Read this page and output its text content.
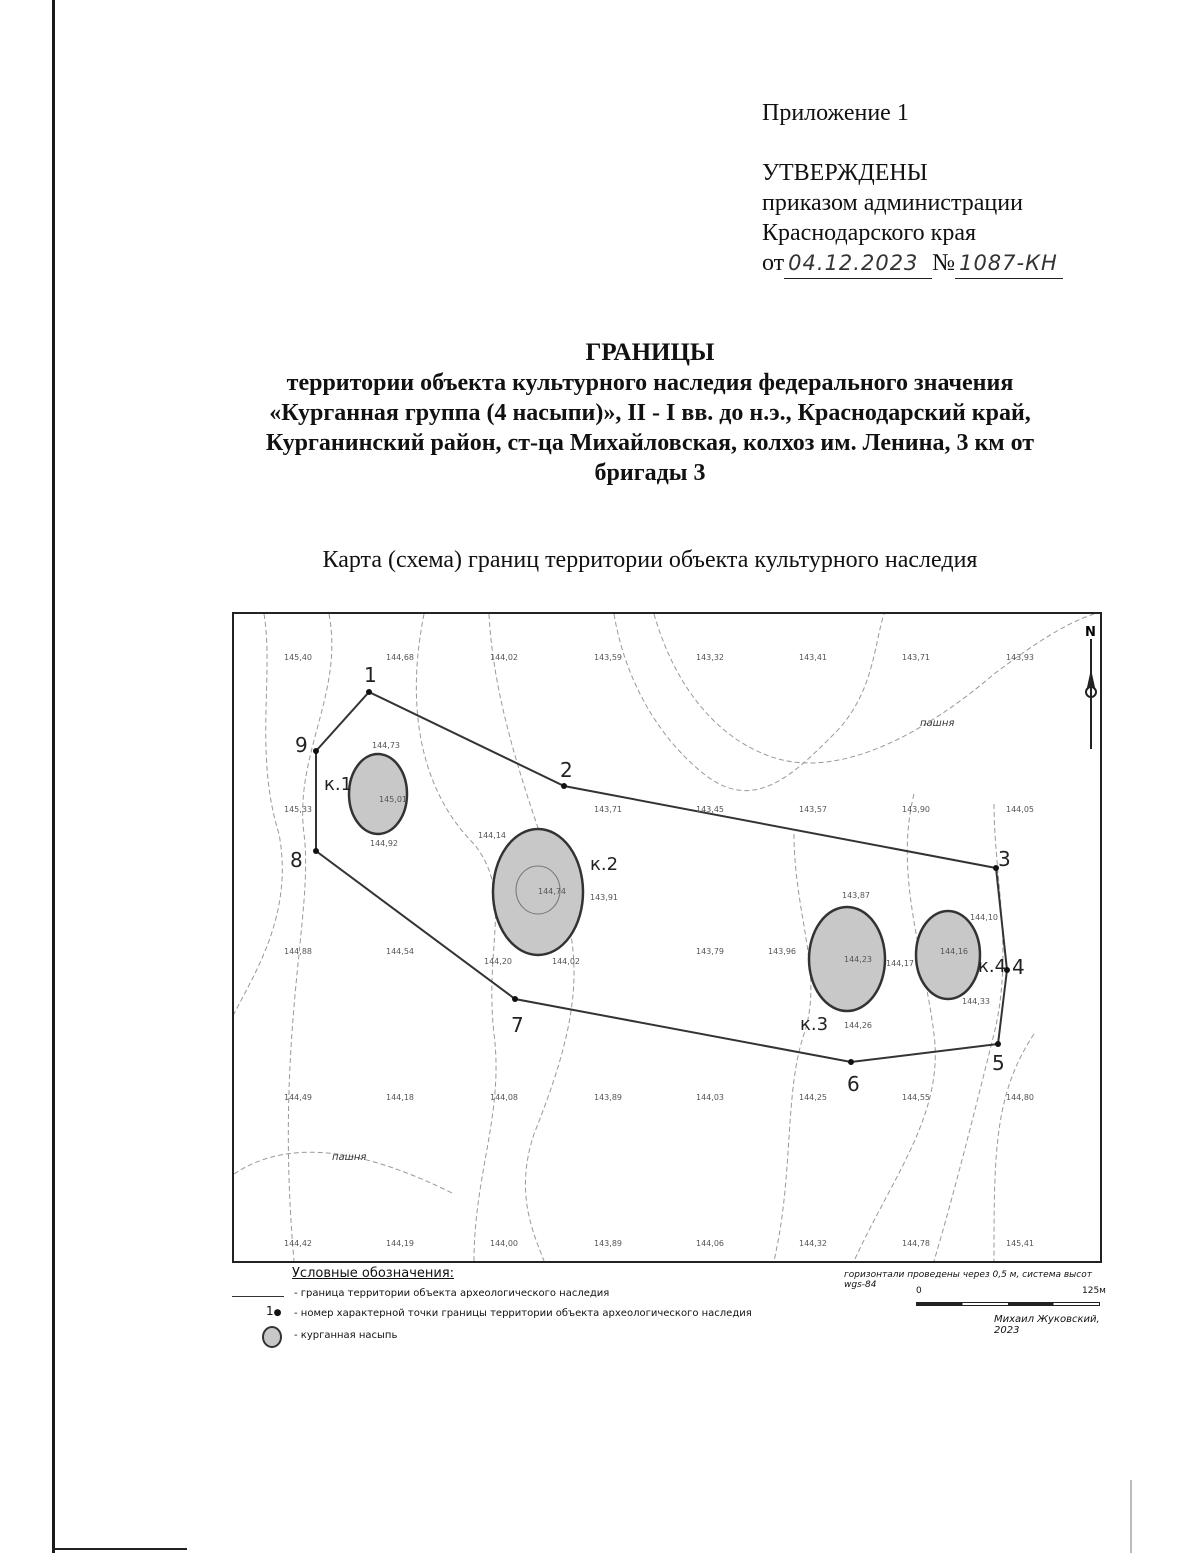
Приложение 1
УТВЕРЖДЕНЫ
приказом администрации
Краснодарского края
от 04.12.2023 № 1087-КН
ГРАНИЦЫ
территории объекта культурного наследия федерального значения
«Курганная группа (4 насыпи)», II - I вв. до н.э., Краснодарский край,
Курганинский район, ст-ца Михайловская, колхоз им. Ленина, 3 км от
бригады 3
Карта (схема) границ территории объекта культурного наследия
N
1
2
3
4
5
6
7
8
9
к.1
к.2
к.3
к.4
пашня
пашня
145,40	144,68	144,02	143,59	143,32	143,41	143,71	143,93
145,33	143,71	143,45	143,57	143,90	144,05
144,88	144,54
144,20
143,79	143,96
144,49	144,18	144,08	143,89	144,03	144,25	144,55	144,80
144,42	144,19	144,00	143,89	144,06	144,32	144,78	145,41
144,73
145,01
144,92
144,14
144,74
143,91
144,02
143,87
144,23 144,17
144,26
144,10
144,16
144,33
Условные обозначения:
- граница территории объекта археологического наследия
1● - номер характерной точки границы территории объекта археологического наследия
- курганная насыпь
горизонтали проведены через 0,5 м, система высот wgs-84
0	125м
Михаил Жуковский, 2023
